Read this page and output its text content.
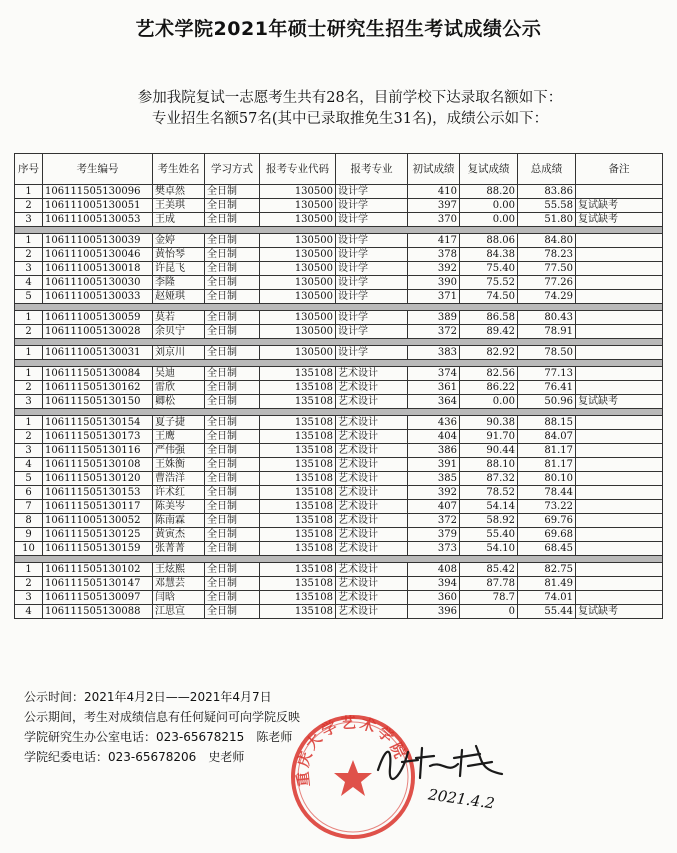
艺术学院2021年硕士研究生招生考试成绩公示
参加我院复试一志愿考生共有28名，目前学校下达录取名额如下：
专业招生名额57名(其中已录取推免生31名)，成绩公示如下：
序号	考生编号	考生姓名	学习方式	报考专业代码	报考专业	初试成绩	复试成绩	总成绩	备注
1	106111505130096	樊卓然	全日制	130500	设计学	410	88.20	83.86	
2	106111005130051	王美琪	全日制	130500	设计学	397	0.00	55.58	复试缺考
3	106111005130053	王成	全日制	130500	设计学	370	0.00	51.80	复试缺考

1	106111005130039	金婷	全日制	130500	设计学	417	88.06	84.80	
2	106111005130046	黄怡琴	全日制	130500	设计学	378	84.38	78.23	
3	106111005130018	许昆飞	全日制	130500	设计学	392	75.40	77.50	
4	106111005130030	李隆	全日制	130500	设计学	390	75.52	77.26	
5	106111005130033	赵娅琪	全日制	130500	设计学	371	74.50	74.29	

1	106111005130059	莫若	全日制	130500	设计学	389	86.58	80.43	
2	106111005130028	余贝宁	全日制	130500	设计学	372	89.42	78.91	

1	106111005130031	刘京川	全日制	130500	设计学	383	82.92	78.50	

1	106111505130084	吴迪	全日制	135108	艺术设计	374	82.56	77.13	
2	106111505130162	雷欣	全日制	135108	艺术设计	361	86.22	76.41	
3	106111505130150	卿松	全日制	135108	艺术设计	364	0.00	50.96	复试缺考

1	106111505130154	夏子捷	全日制	135108	艺术设计	436	90.38	88.15	
2	106111505130173	王鹰	全日制	135108	艺术设计	404	91.70	84.07	
3	106111505130116	严伟强	全日制	135108	艺术设计	386	90.44	81.17	
4	106111505130108	王姝衡	全日制	135108	艺术设计	391	88.10	81.17	
5	106111505130120	曹浩洋	全日制	135108	艺术设计	385	87.32	80.10	
6	106111505130153	许术红	全日制	135108	艺术设计	392	78.52	78.44	
7	106111505130117	陈美岑	全日制	135108	艺术设计	407	54.14	73.22	
8	106111005130052	陈南霖	全日制	135108	艺术设计	372	58.92	69.76	
9	106111505130125	黄寅杰	全日制	135108	艺术设计	379	55.40	69.68	
10	106111505130159	张菁菁	全日制	135108	艺术设计	373	54.10	68.45	

1	106111505130102	王炫熙	全日制	135108	艺术设计	408	85.42	82.75	
2	106111505130147	邓慧芸	全日制	135108	艺术设计	394	87.78	81.49	
3	106111505130097	闫晗	全日制	135108	艺术设计	360	78.7	74.01	
4	106111505130088	江思宣	全日制	135108	艺术设计	396	0	55.44	复试缺考
公示时间：2021年4月2日——2021年4月7日
公示期间，考生对成绩信息有任何疑问可向学院反映
学院研究生办公室电话：023-65678215　陈老师
学院纪委电话：023-65678206　史老师
重庆大学艺术学院
2021.4.2
